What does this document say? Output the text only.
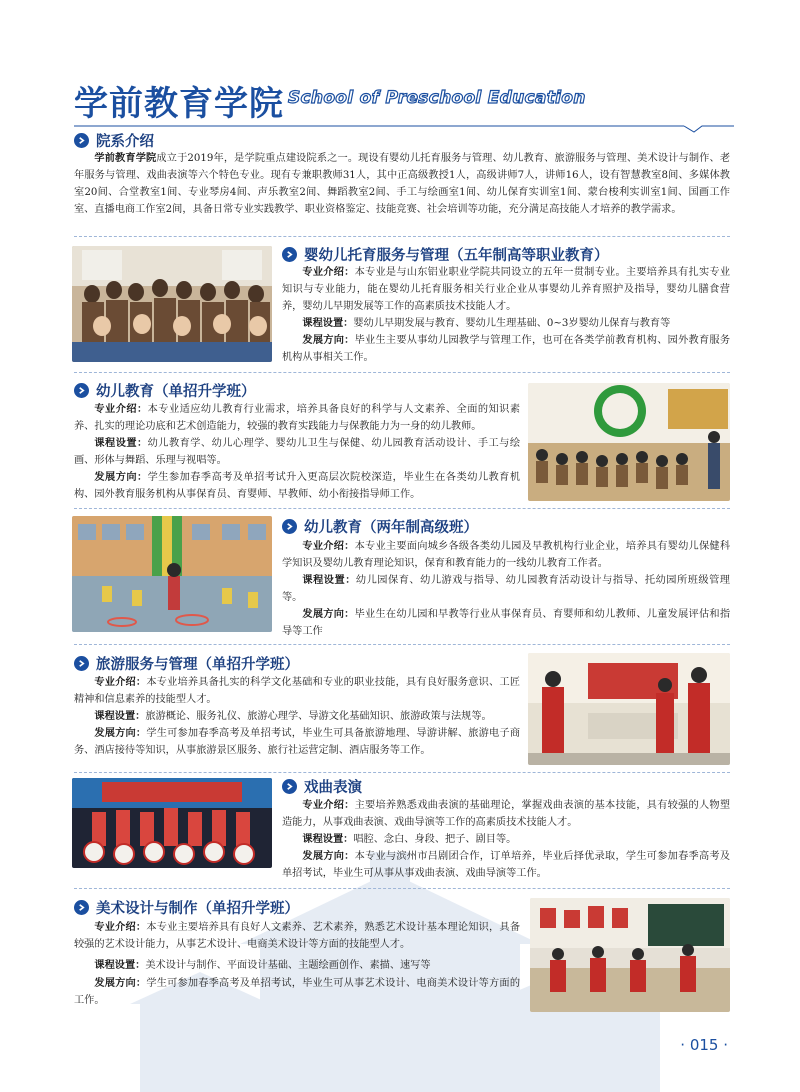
学前教育学院 School of Preschool Education
院系介绍
学前教育学院成立于2019年，是学院重点建设院系之一。现设有婴幼儿托育服务与管理、幼儿教育、旅游服务与管理、美术设计与制作、老年服务与管理、戏曲表演等六个特色专业。现有专兼职教师31人，其中正高级教授1人，高级讲师7人，讲师16人，设有智慧教室8间、多媒体教室20间、合堂教室1间、专业琴房4间、声乐教室2间、舞蹈教室2间、手工与绘画室1间、幼儿保育实训室1间、蒙台梭利实训室1间、国画工作室、直播电商工作室2间，具备日常专业实践教学、职业资格鉴定、技能竞赛、社会培训等功能，充分满足高技能人才培养的教学需求。
婴幼儿托育服务与管理（五年制高等职业教育）
专业介绍：本专业是与山东铝业职业学院共同设立的五年一贯制专业。主要培养具有扎实专业知识与专业能力，能在婴幼儿托育服务相关行业企业从事婴幼儿养育照护及指导，婴幼儿膳食营养，婴幼儿早期发展等工作的高素质技术技能人才。
课程设置：婴幼儿早期发展与教育、婴幼儿生理基础、0~3岁婴幼儿保育与教育等
发展方向：毕业生主要从事幼儿园教学与管理工作，也可在各类学前教育机构、园外教育服务机构从事相关工作。
幼儿教育（单招升学班）
专业介绍：本专业适应幼儿教育行业需求，培养具备良好的科学与人文素养、全面的知识素养、扎实的理论功底和艺术创造能力，较强的教育实践能力与保教能力为一身的幼儿教师。
课程设置：幼儿教育学、幼儿心理学、婴幼儿卫生与保健、幼儿园教育活动设计、手工与绘画、形体与舞蹈、乐理与视唱等。
发展方向：学生参加春季高考及单招考试升入更高层次院校深造，毕业生在各类幼儿教育机构、园外教育服务机构从事保育员、育婴师、早教师、幼小衔接指导师工作。
幼儿教育（两年制高级班）
专业介绍：本专业主要面向城乡各级各类幼儿园及早教机构行业企业，培养具有婴幼儿保健科学知识及婴幼儿教育理论知识，保育和教育能力的一线幼儿教育工作者。
课程设置：幼儿园保育、幼儿游戏与指导、幼儿园教育活动设计与指导、托幼园所班级管理等。
发展方向：毕业生在幼儿园和早教等行业从事保育员、育婴师和幼儿教师、儿童发展评估和指导等工作
旅游服务与管理（单招升学班）
专业介绍：本专业培养具备扎实的科学文化基础和专业的职业技能，具有良好服务意识、工匠精神和信息素养的技能型人才。
课程设置：旅游概论、服务礼仪、旅游心理学、导游文化基础知识、旅游政策与法规等。
发展方向：学生可参加春季高考及单招考试，毕业生可具备旅游地理、导游讲解、旅游电子商务、酒店接待等知识，从事旅游景区服务、旅行社运营定制、酒店服务等工作。
戏曲表演
专业介绍：主要培养熟悉戏曲表演的基础理论，掌握戏曲表演的基本技能，具有较强的人物塑造能力，从事戏曲表演、戏曲导演等工作的高素质技术技能人才。
课程设置：唱腔、念白、身段、把子、剧目等。
发展方向：本专业与滨州市吕剧团合作，订单培养，毕业后择优录取，学生可参加春季高考及单招考试，毕业生可从事从事戏曲表演、戏曲导演等工作。
美术设计与制作（单招升学班）
专业介绍：本专业主要培养具有良好人文素养、艺术素养，熟悉艺术设计基本理论知识，具备较强的艺术设计能力，从事艺术设计、电商美术设计等方面的技能型人才。
课程设置：美术设计与制作、平面设计基础、主题绘画创作、素描、速写等
发展方向：学生可参加春季高考及单招考试，毕业生可从事艺术设计、电商美术设计等方面的工作。
· 015 ·
